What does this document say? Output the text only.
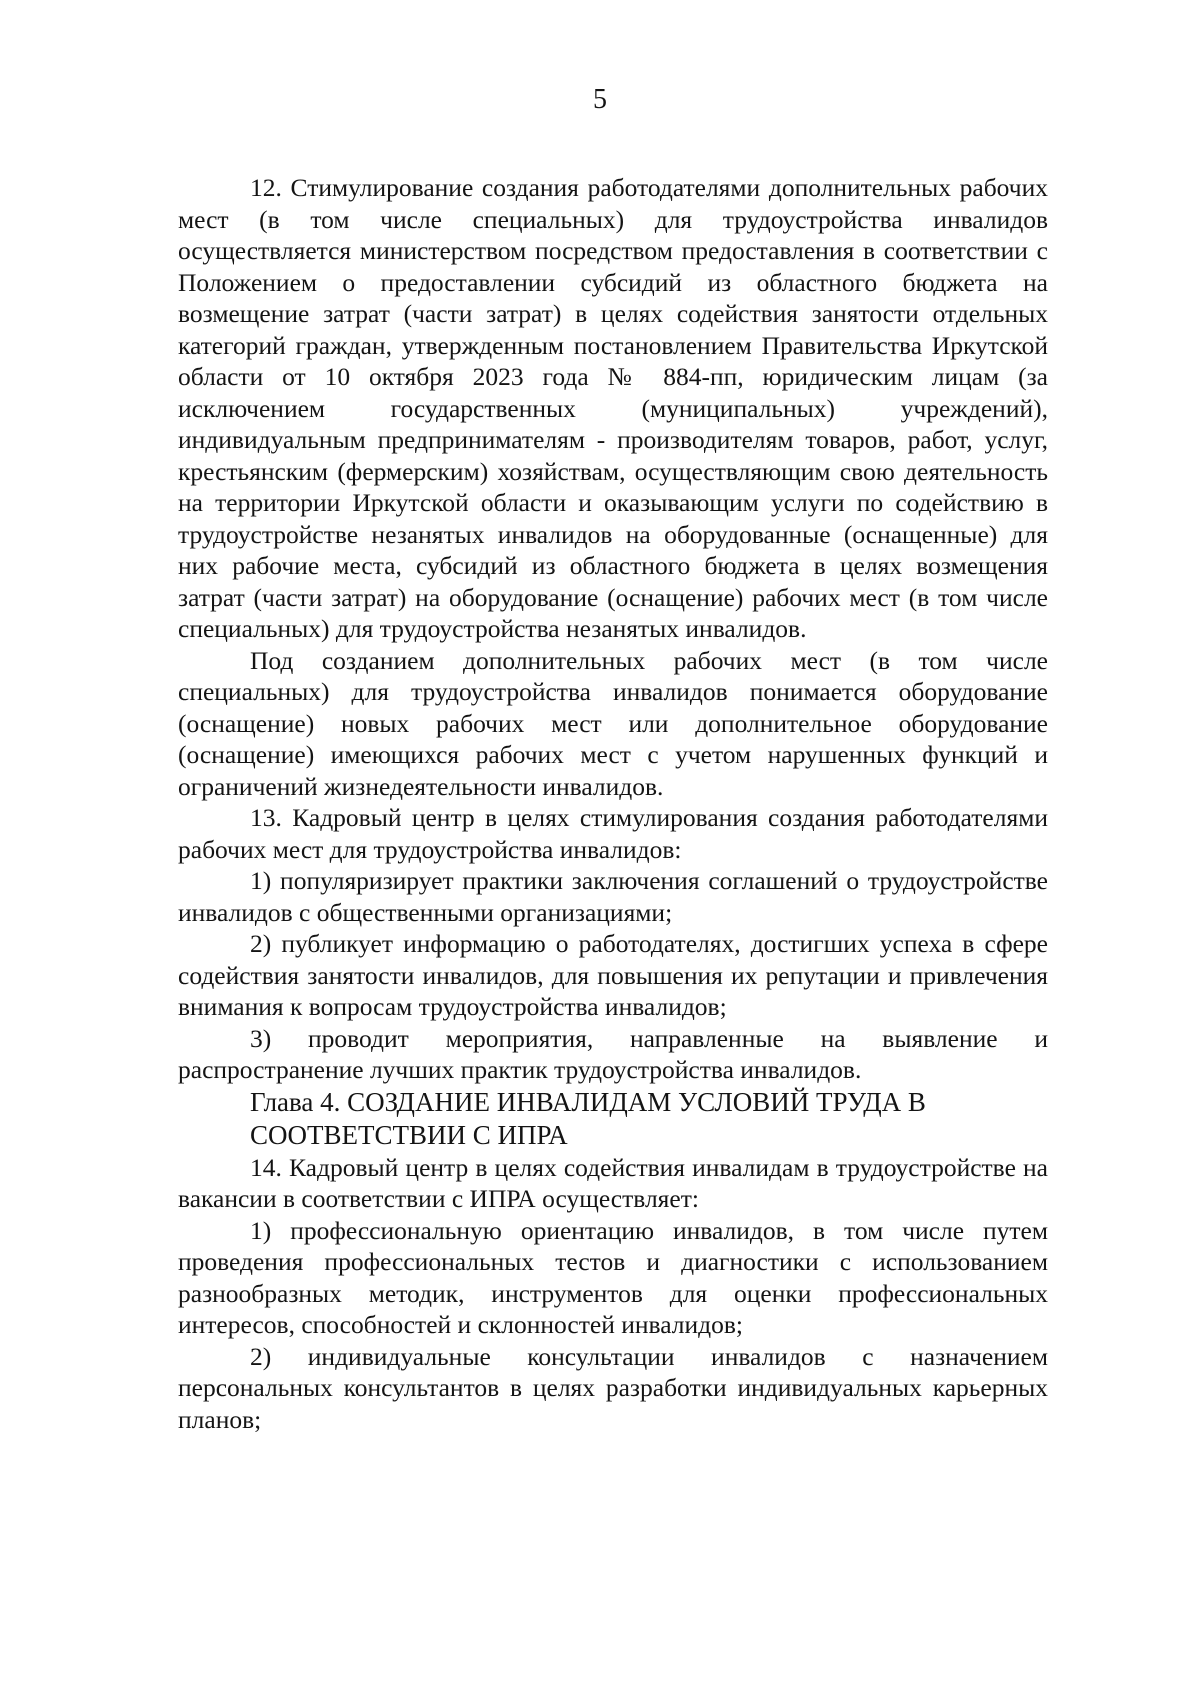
5

12. Стимулирование создания работодателями дополнительных рабочих мест (в том числе специальных) для трудоустройства инвалидов осуществляется министерством посредством предоставления в соответствии с Положением о предоставлении субсидий из областного бюджета на возмещение затрат (части затрат) в целях содействия занятости отдельных категорий граждан, утвержденным постановлением Правительства Иркутской области от 10 октября 2023 года № 884-пп, юридическим лицам (за исключением государственных (муниципальных) учреждений), индивидуальным предпринимателям - производителям товаров, работ, услуг, крестьянским (фермерским) хозяйствам, осуществляющим свою деятельность на территории Иркутской области и оказывающим услуги по содействию в трудоустройстве незанятых инвалидов на оборудованные (оснащенные) для них рабочие места, субсидий из областного бюджета в целях возмещения затрат (части затрат) на оборудование (оснащение) рабочих мест (в том числе специальных) для трудоустройства незанятых инвалидов.

Под созданием дополнительных рабочих мест (в том числе специальных) для трудоустройства инвалидов понимается оборудование (оснащение) новых рабочих мест или дополнительное оборудование (оснащение) имеющихся рабочих мест с учетом нарушенных функций и ограничений жизнедеятельности инвалидов.

13. Кадровый центр в целях стимулирования создания работодателями рабочих мест для трудоустройства инвалидов:

1) популяризирует практики заключения соглашений о трудоустройстве инвалидов с общественными организациями;

2) публикует информацию о работодателях, достигших успеха в сфере содействия занятости инвалидов, для повышения их репутации и привлечения внимания к вопросам трудоустройства инвалидов;

3) проводит мероприятия, направленные на выявление и распространение лучших практик трудоустройства инвалидов.

Глава 4. СОЗДАНИЕ ИНВАЛИДАМ УСЛОВИЙ ТРУДА В
СООТВЕТСТВИИ С ИПРА

14. Кадровый центр в целях содействия инвалидам в трудоустройстве на вакансии в соответствии с ИПРА осуществляет:

1) профессиональную ориентацию инвалидов, в том числе путем проведения профессиональных тестов и диагностики с использованием разнообразных методик, инструментов для оценки профессиональных интересов, способностей и склонностей инвалидов;

2) индивидуальные консультации инвалидов с назначением персональных консультантов в целях разработки индивидуальных карьерных планов;
